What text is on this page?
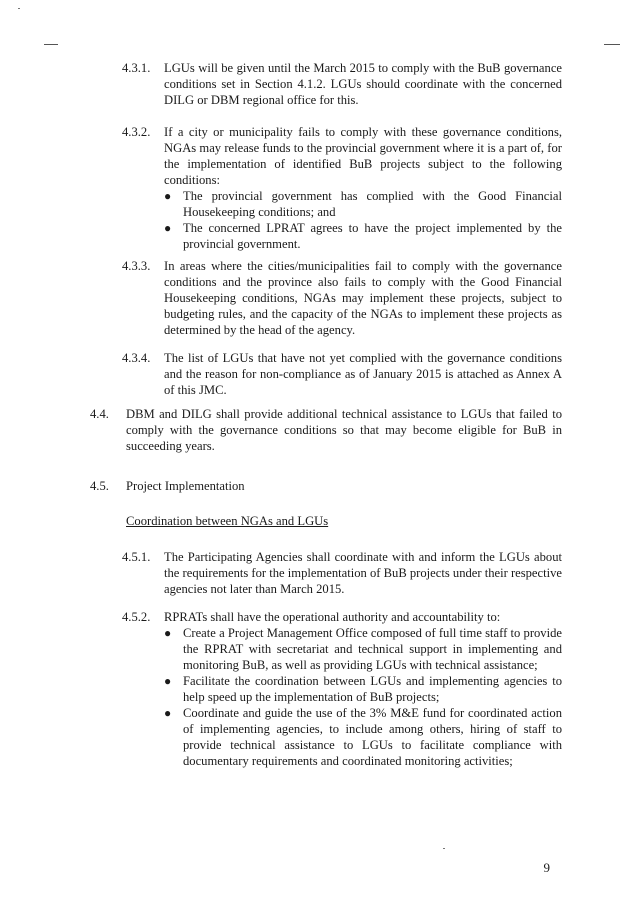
4.3.1. LGUs will be given until the March 2015 to comply with the BuB governance conditions set in Section 4.1.2. LGUs should coordinate with the concerned DILG or DBM regional office for this.
4.3.2. If a city or municipality fails to comply with these governance conditions, NGAs may release funds to the provincial government where it is a part of, for the implementation of identified BuB projects subject to the following conditions:
● The provincial government has complied with the Good Financial Housekeeping conditions; and
● The concerned LPRAT agrees to have the project implemented by the provincial government.
4.3.3. In areas where the cities/municipalities fail to comply with the governance conditions and the province also fails to comply with the Good Financial Housekeeping conditions, NGAs may implement these projects, subject to budgeting rules, and the capacity of the NGAs to implement these projects as determined by the head of the agency.
4.3.4. The list of LGUs that have not yet complied with the governance conditions and the reason for non-compliance as of January 2015 is attached as Annex A of this JMC.
4.4. DBM and DILG shall provide additional technical assistance to LGUs that failed to comply with the governance conditions so that may become eligible for BuB in succeeding years.
4.5. Project Implementation
Coordination between NGAs and LGUs
4.5.1. The Participating Agencies shall coordinate with and inform the LGUs about the requirements for the implementation of BuB projects under their respective agencies not later than March 2015.
4.5.2. RPRATs shall have the operational authority and accountability to:
● Create a Project Management Office composed of full time staff to provide the RPRAT with secretariat and technical support in implementing and monitoring BuB, as well as providing LGUs with technical assistance;
● Facilitate the coordination between LGUs and implementing agencies to help speed up the implementation of BuB projects;
● Coordinate and guide the use of the 3% M&E fund for coordinated action of implementing agencies, to include among others, hiring of staff to provide technical assistance to LGUs to facilitate compliance with documentary requirements and coordinated monitoring activities;
9
